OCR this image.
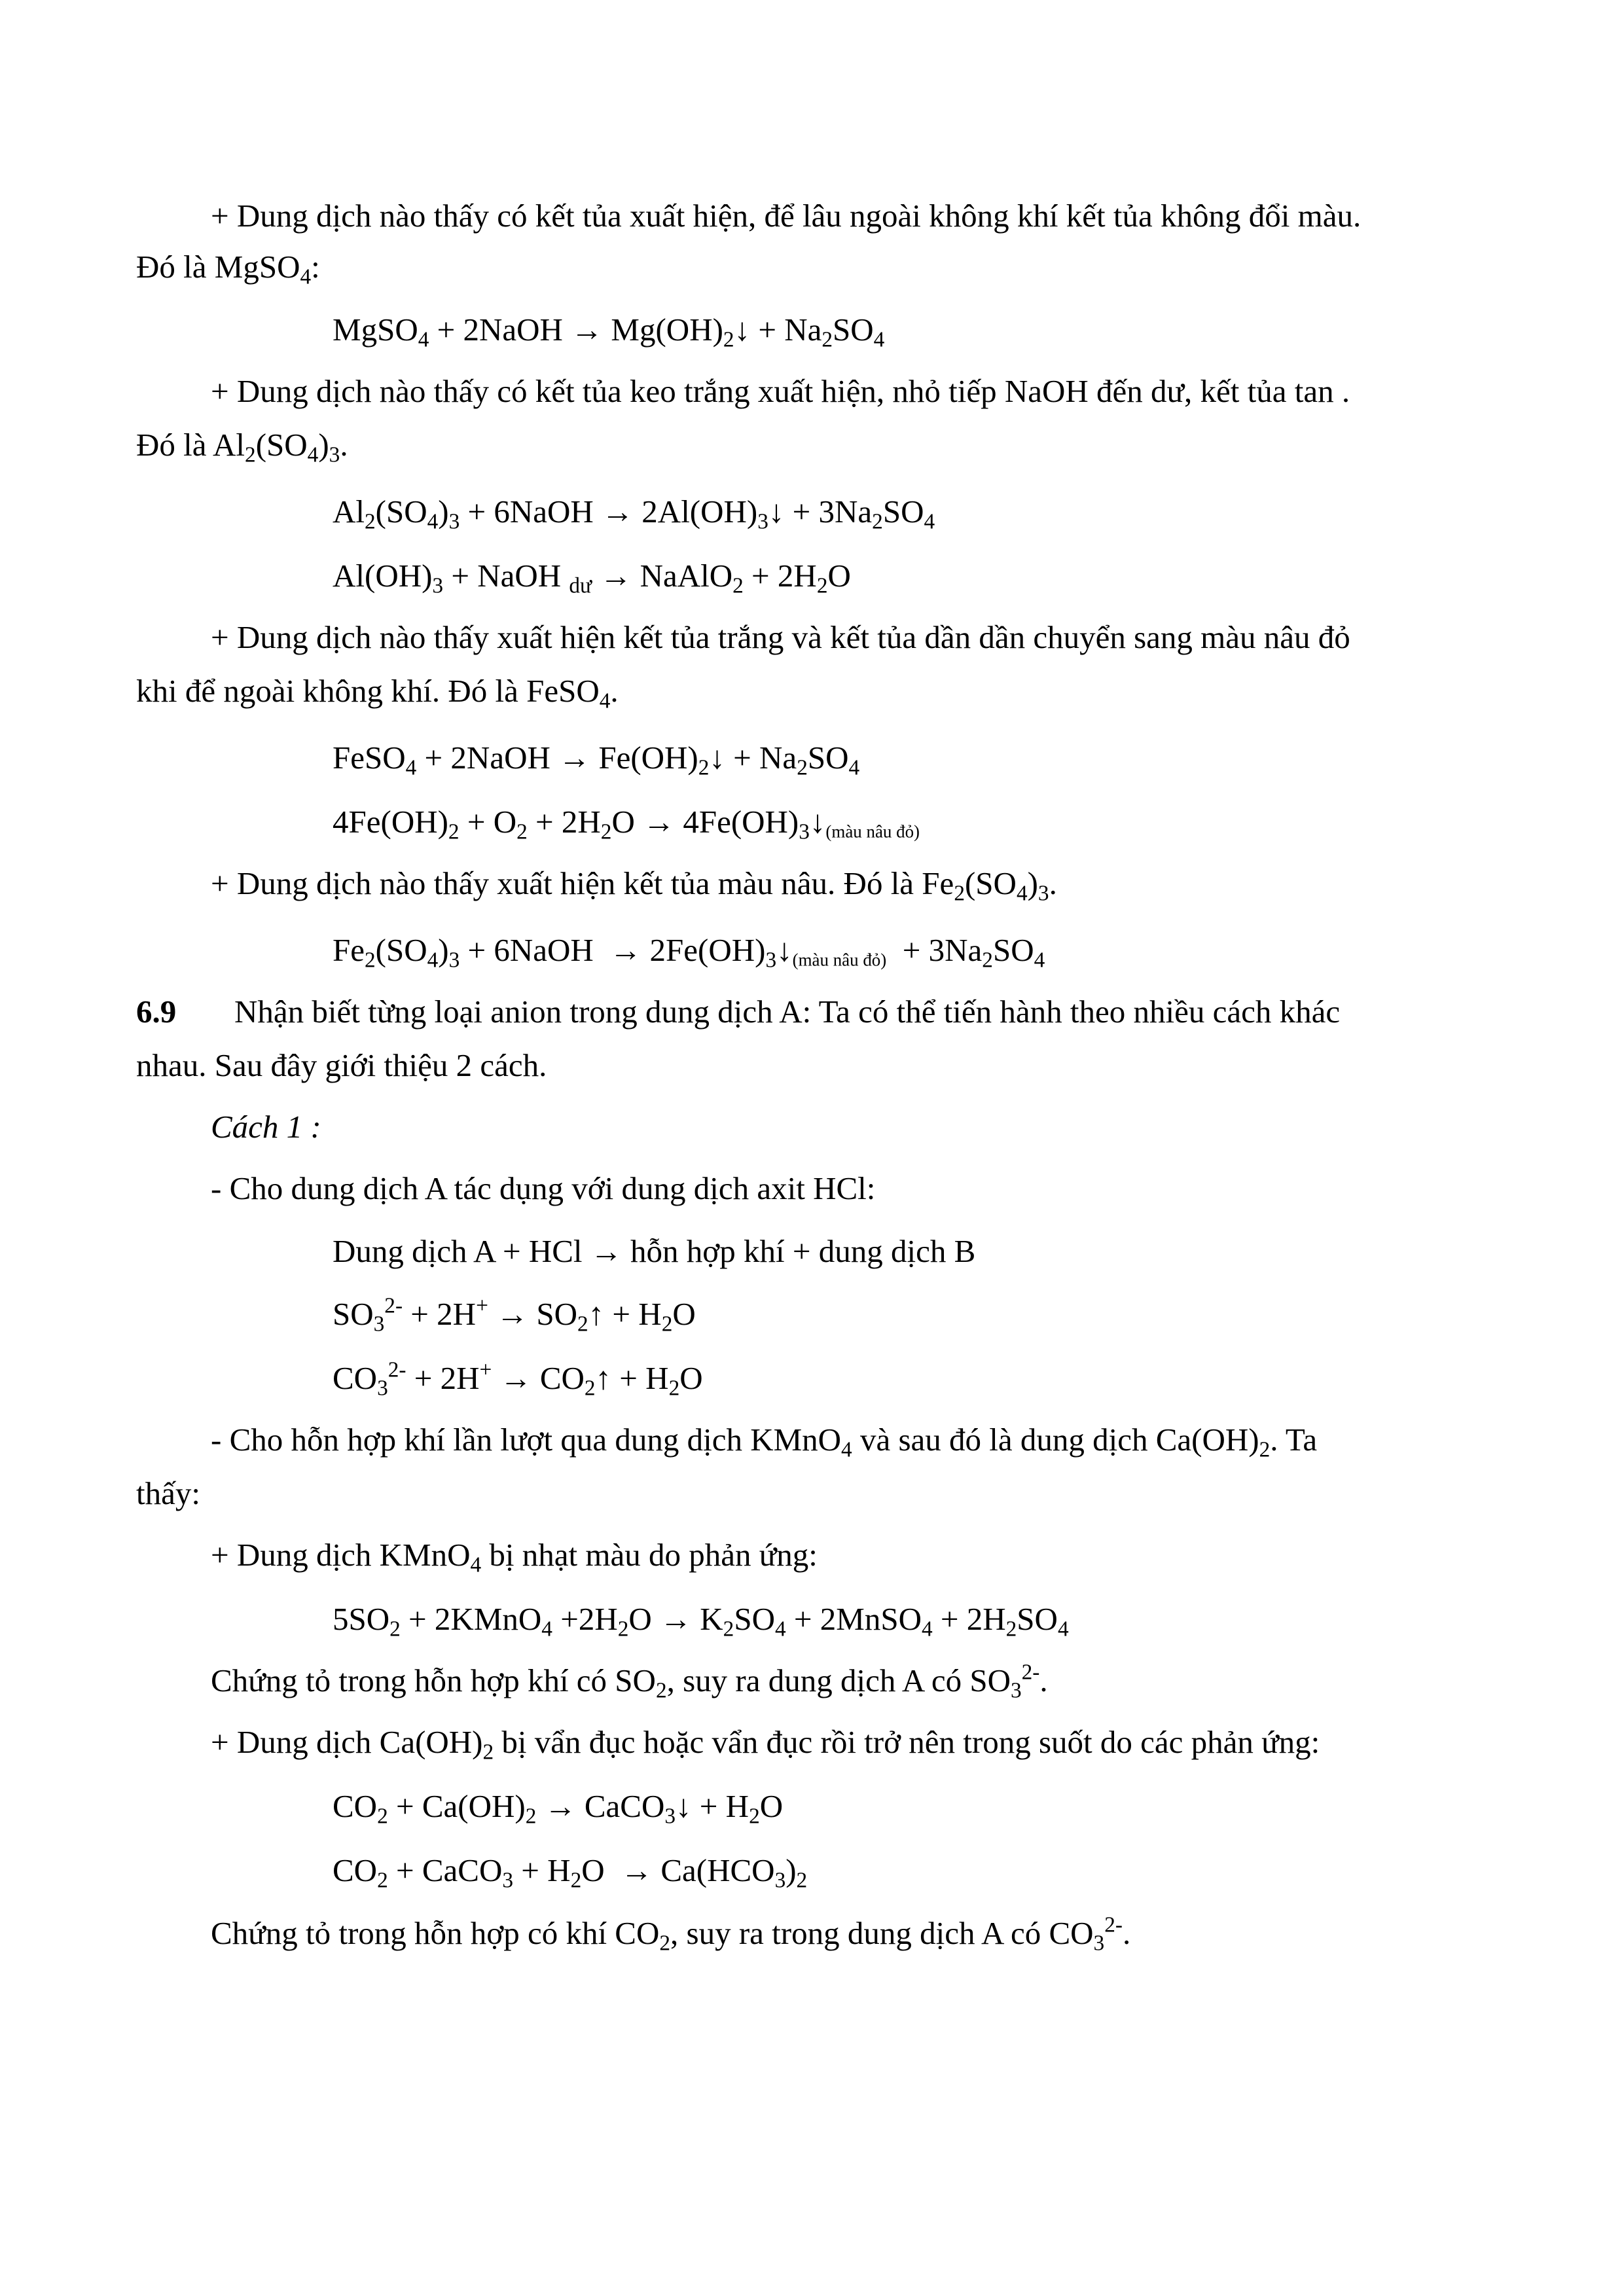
+ Dung dịch nào thấy có kết tủa xuất hiện, để lâu ngoài không khí kết tủa không đổi màu.
Đó là MgSO$_4$:
MgSO$_4$ + 2NaOH → $Mg(OH)_2↓ + Na_2SO_4$
+ Dung dịch nào thấy có kết tủa keo trắng xuất hiện, nhỏ tiếp NaOH đến dư, kết tủa tan .
Đó là $Al_2(SO_4)_3$.
$Al_2(SO_4)_3$ + 6NaOH → $2Al(OH)_3↓ + 3Na_2SO_4$
$Al(OH)_3$ + NaOH $_{dư}$ → NaAlO$_2$ + $2H_2O$
+ Dung dịch nào thấy xuất hiện kết tủa trắng và kết tủa dần dần chuyển sang màu nâu đỏ
khi để ngoài không khí. Đó là FeSO$_4$.
FeSO$_4$ + 2NaOH → $Fe(OH)_2↓ + Na_2SO_4$
$4Fe(OH)_2 + O_2 + 2H_2O$ → $4Fe(OH)_3↓_{(màu nâu đỏ)}$
+ Dung dịch nào thấy xuất hiện kết tủa màu nâu. Đó là $Fe_2(SO_4)_3$.
$Fe_2(SO_4)_3$ + 6NaOH  → $2Fe(OH)_3↓_{(màu nâu đỏ)} + 3Na_2SO_4$
6.9 Nhận biết từng loại anion trong dung dịch A: Ta có thể tiến hành theo nhiều cách khác
nhau. Sau đây giới thiệu 2 cách.
Cách 1 :
- Cho dung dịch A tác dụng với dung dịch axit HCl:
Dung dịch A + HCl → hỗn hợp khí + dung dịch B
$SO_3^{2-} + 2H^+$ → $SO_2↑ + H_2O$
$CO_3^{2-} + 2H^+$ → $CO_2↑ + H_2O$
- Cho hỗn hợp khí lần lượt qua dung dịch KMnO$_4$ và sau đó là dung dịch $Ca(OH)_2$. Ta
thấy:
+ Dung dịch KMnO$_4$ bị nhạt màu do phản ứng:
$5SO_2$ + 2KMnO$_4$ $+2H_2O \to K_2SO_4$ + 2MnSO$_4$ + $2H_2SO_4$
Chứng tỏ trong hỗn hợp khí có $SO_2$, suy ra dung dịch A có $SO_3^{2-}$.
+ Dung dịch $Ca(OH)_2$ bị vẩn đục hoặc vẩn đục rồi trở nên trong suốt do các phản ứng:
$CO_2 + Ca(OH)_2$ → CaCO$_3$↓ + $H_2O$
$CO_2$ + CaCO$_3$ + $H_2O \to Ca(HCO_3)_2$
Chứng tỏ trong hỗn hợp có khí $CO_2$, suy ra trong dung dịch A có $CO_3^{2-}$.
